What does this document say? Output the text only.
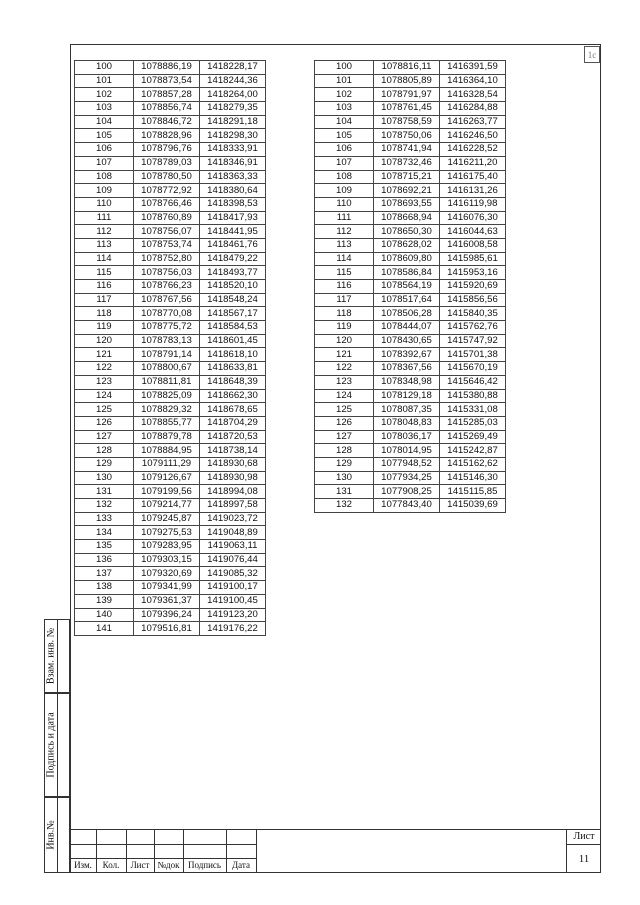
1c
100	1078886,19	1418228,17
101	1078873,54	1418244,36
102	1078857,28	1418264,00
103	1078856,74	1418279,35
104	1078846,72	1418291,18
105	1078828,96	1418298,30
106	1078796,76	1418333,91
107	1078789,03	1418346,91
108	1078780,50	1418363,33
109	1078772,92	1418380,64
110	1078766,46	1418398,53
111	1078760,89	1418417,93
112	1078756,07	1418441,95
113	1078753,74	1418461,76
114	1078752,80	1418479,22
115	1078756,03	1418493,77
116	1078766,23	1418520,10
117	1078767,56	1418548,24
118	1078770,08	1418567,17
119	1078775,72	1418584,53
120	1078783,13	1418601,45
121	1078791,14	1418618,10
122	1078800,67	1418633,81
123	1078811,81	1418648,39
124	1078825,09	1418662,30
125	1078829,32	1418678,65
126	1078855,77	1418704,29
127	1078879,78	1418720,53
128	1078884,95	1418738,14
129	1079111,29	1418930,68
130	1079126,67	1418930,98
131	1079199,56	1418994,08
132	1079214,77	1418997,58
133	1079245,87	1419023,72
134	1079275,53	1419048,89
135	1079283,95	1419063,11
136	1079303,15	1419076,44
137	1079320,69	1419085,32
138	1079341,99	1419100,17
139	1079361,37	1419100,45
140	1079396,24	1419123,20
141	1079516,81	1419176,22
100	1078816,11	1416391,59
101	1078805,89	1416364,10
102	1078791,97	1416328,54
103	1078761,45	1416284,88
104	1078758,59	1416263,77
105	1078750,06	1416246,50
106	1078741,94	1416228,52
107	1078732,46	1416211,20
108	1078715,21	1416175,40
109	1078692,21	1416131,26
110	1078693,55	1416119,98
111	1078668,94	1416076,30
112	1078650,30	1416044,63
113	1078628,02	1416008,58
114	1078609,80	1415985,61
115	1078586,84	1415953,16
116	1078564,19	1415920,69
117	1078517,64	1415856,56
118	1078506,28	1415840,35
119	1078444,07	1415762,76
120	1078430,65	1415747,92
121	1078392,67	1415701,38
122	1078367,56	1415670,19
123	1078348,98	1415646,42
124	1078129,18	1415380,88
125	1078087,35	1415331,08
126	1078048,83	1415285,03
127	1078036,17	1415269,49
128	1078014,95	1415242,87
129	1077948,52	1415162,62
130	1077934,25	1415146,30
131	1077908,25	1415115,85
132	1077843,40	1415039,69
Взам. инв. №
Подпись и дата
Инв.№
Изм.	Кол.	Лист №док Подпись	Дата
Лист
11
